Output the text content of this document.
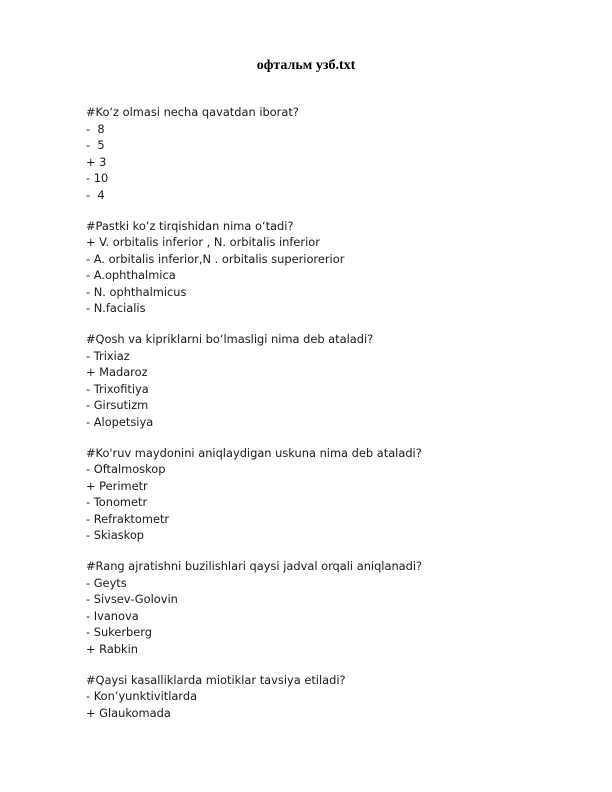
офтальм узб.txt
#Ko‘z olmasi necha qavatdan iborat?
-  8
-  5
+ 3
- 10
-  4
#Pastki ko‘z tirqishidan nima o‘tadi?
+ V. orbitalis inferior , N. orbitalis inferior
- A. orbitalis inferior,N . orbitalis superiorerior
- A.ophthalmica
- N. ophthalmicus
- N.facialis
#Qosh va kipriklarni bo‘lmasligi nima deb ataladi?
- Trixiaz
+ Madaroz
- Trixofitiya
- Girsutizm
- Alopetsiya
#Ko'ruv maydonini aniqlaydigan uskuna nima deb ataladi?
- Oftalmoskop
+ Perimetr
- Tonometr
- Refraktometr
- Skiaskop
#Rang ajratishni buzilishlari qaysi jadval orqali aniqlanadi?
- Geyts
- Sivsev-Golovin
- Ivanova
- Sukerberg
+ Rabkin
#Qaysi kasalliklarda miotiklar tavsiya etiladi?
- Kon’yunktivitlarda
+ Glaukomada
